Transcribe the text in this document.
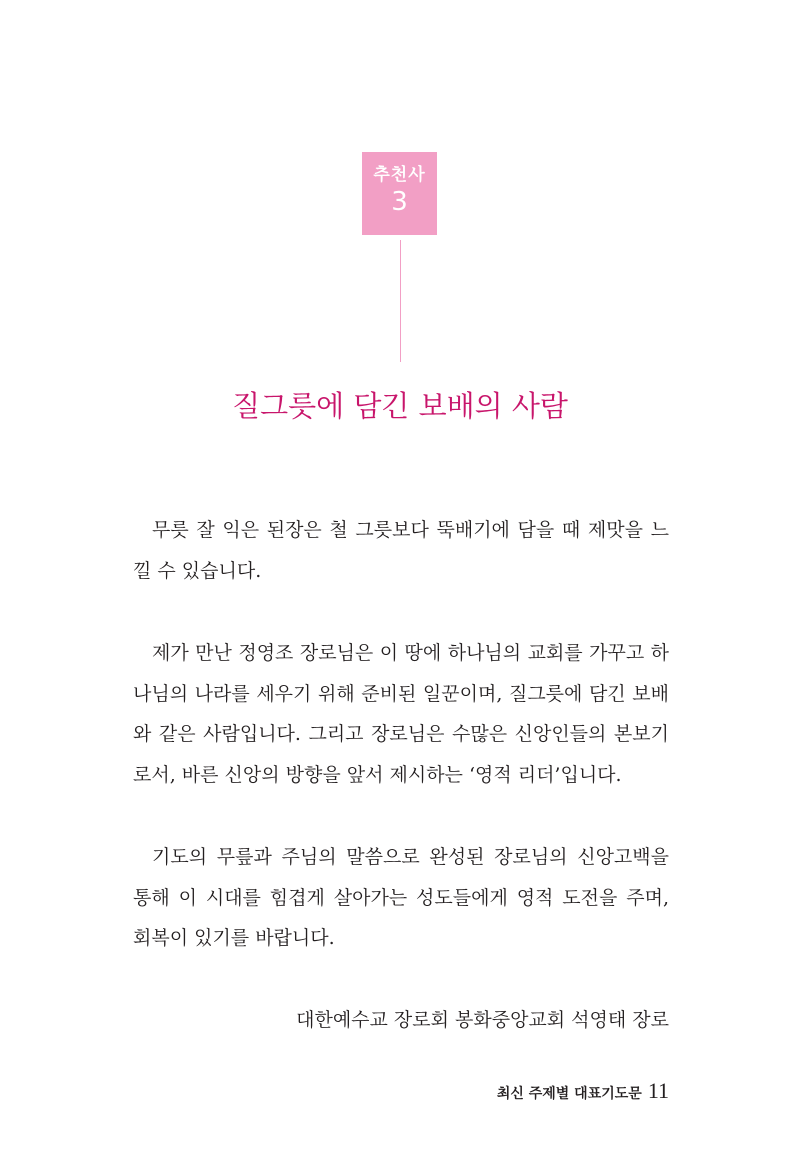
추천사
3
질그릇에 담긴 보배의 사람

무릇 잘 익은 된장은 철 그릇보다 뚝배기에 담을 때 제맛을 느낄 수 있습니다.

제가 만난 정영조 장로님은 이 땅에 하나님의 교회를 가꾸고 하나님의 나라를 세우기 위해 준비된 일꾼이며, 질그릇에 담긴 보배와 같은 사람입니다. 그리고 장로님은 수많은 신앙인들의 본보기로서, 바른 신앙의 방향을 앞서 제시하는 ‘영적 리더’입니다.

기도의 무릎과 주님의 말씀으로 완성된 장로님의 신앙고백을 통해 이 시대를 힘겹게 살아가는 성도들에게 영적 도전을 주며, 회복이 있기를 바랍니다.

대한예수교 장로회 봉화중앙교회 석영태 장로
최신 주제별 대표기도문 11
